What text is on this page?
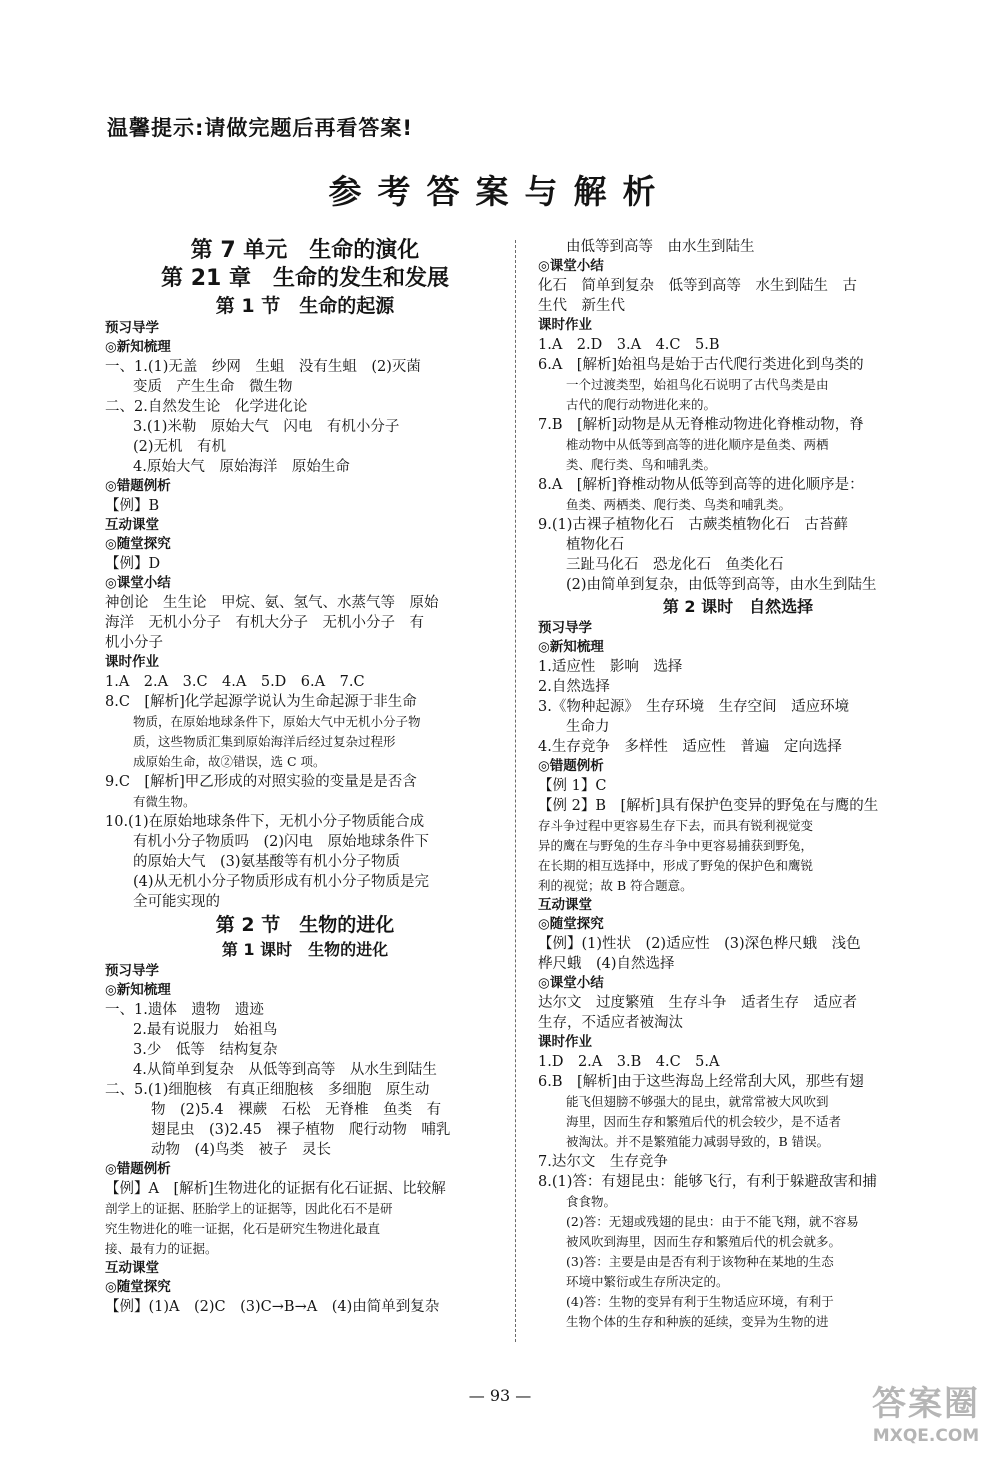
温馨提示:请做完题后再看答案!
参考答案与解析
第 7 单元　生命的演化
第 21 章　生命的发生和发展
第 1 节　生命的起源
预习导学
◎新知梳理
一、1.(1)无盖　纱网　生蛆　没有生蛆　(2)灭菌
变质　产生生命　微生物
二、2.自然发生论　化学进化论
3.(1)米勒　原始大气　闪电　有机小分子
(2)无机　有机
4.原始大气　原始海洋　原始生命
◎错题例析
【例】B
互动课堂
◎随堂探究
【例】D
◎课堂小结
神创论　生生论　甲烷、氨、氢气、水蒸气等　原始
海洋　无机小分子　有机大分子　无机小分子　有
机小分子
课时作业
1.A　2.A　3.C　4.A　5.D　6.A　7.C
8.C　[解析]化学起源学说认为生命起源于非生命
物质，在原始地球条件下，原始大气中无机小分子物
质，这些物质汇集到原始海洋后经过复杂过程形
成原始生命，故②错误，选 C 项。
9.C　[解析]甲乙形成的对照实验的变量是是否含
有微生物。
10.(1)在原始地球条件下，无机小分子物质能合成
有机小分子物质吗　(2)闪电　原始地球条件下
的原始大气　(3)氨基酸等有机小分子物质
(4)从无机小分子物质形成有机小分子物质是完
全可能实现的
第 2 节　生物的进化
第 1 课时　生物的进化
预习导学
◎新知梳理
一、1.遗体　遗物　遗迹
2.最有说服力　始祖鸟
3.少　低等　结构复杂
4.从简单到复杂　从低等到高等　从水生到陆生
二、5.(1)细胞核　有真正细胞核　多细胞　原生动
物　(2)5.4　裸蕨　石松　无脊椎　鱼类　有
翅昆虫　(3)2.45　裸子植物　爬行动物　哺乳
动物　(4)鸟类　被子　灵长
◎错题例析
【例】A　[解析]生物进化的证据有化石证据、比较解
剖学上的证据、胚胎学上的证据等，因此化石不是研
究生物进化的唯一证据，化石是研究生物进化最直
接、最有力的证据。
互动课堂
◎随堂探究
【例】(1)A　(2)C　(3)C→B→A　(4)由简单到复杂
由低等到高等　由水生到陆生
◎课堂小结
化石　简单到复杂　低等到高等　水生到陆生　古
生代　新生代
课时作业
1.A　2.D　3.A　4.C　5.B
6.A　[解析]始祖鸟是始于古代爬行类进化到鸟类的
一个过渡类型，始祖鸟化石说明了古代鸟类是由
古代的爬行动物进化来的。
7.B　[解析]动物是从无脊椎动物进化脊椎动物，脊
椎动物中从低等到高等的进化顺序是鱼类、两栖
类、爬行类、鸟和哺乳类。
8.A　[解析]脊椎动物从低等到高等的进化顺序是：
鱼类、两栖类、爬行类、鸟类和哺乳类。
9.(1)古裸子植物化石　古蕨类植物化石　古苔藓
植物化石
三趾马化石　恐龙化石　鱼类化石
(2)由简单到复杂，由低等到高等，由水生到陆生
第 2 课时　自然选择
预习导学
◎新知梳理
1.适应性　影响　选择
2.自然选择
3.《物种起源》　生存环境　生存空间　适应环境
生命力
4.生存竞争　多样性　适应性　普遍　定向选择
◎错题例析
【例 1】C
【例 2】B　[解析]具有保护色变异的野兔在与鹰的生
存斗争过程中更容易生存下去，而具有锐利视觉变
异的鹰在与野兔的生存斗争中更容易捕获到野兔，
在长期的相互选择中，形成了野兔的保护色和鹰锐
利的视觉；故 B 符合题意。
互动课堂
◎随堂探究
【例】(1)性状　(2)适应性　(3)深色桦尺蛾　浅色
桦尺蛾　(4)自然选择
◎课堂小结
达尔文　过度繁殖　生存斗争　适者生存　适应者
生存，不适应者被淘汰
课时作业
1.D　2.A　3.B　4.C　5.A
6.B　[解析]由于这些海岛上经常刮大风，那些有翅
能飞但翅膀不够强大的昆虫，就常常被大风吹到
海里，因而生存和繁殖后代的机会较少，是不适者
被淘汰。并不是繁殖能力减弱导致的，B 错误。
7.达尔文　生存竞争
8.(1)答：有翅昆虫：能够飞行，有利于躲避敌害和捕
食食物。
(2)答：无翅或残翅的昆虫：由于不能飞翔，就不容易
被风吹到海里，因而生存和繁殖后代的机会就多。
(3)答：主要是由是否有利于该物种在某地的生态
环境中繁衍或生存所决定的。
(4)答：生物的变异有利于生物适应环境，有利于
生物个体的生存和种族的延续，变异为生物的进
— 93 —	答案圈
MXQE.COM
